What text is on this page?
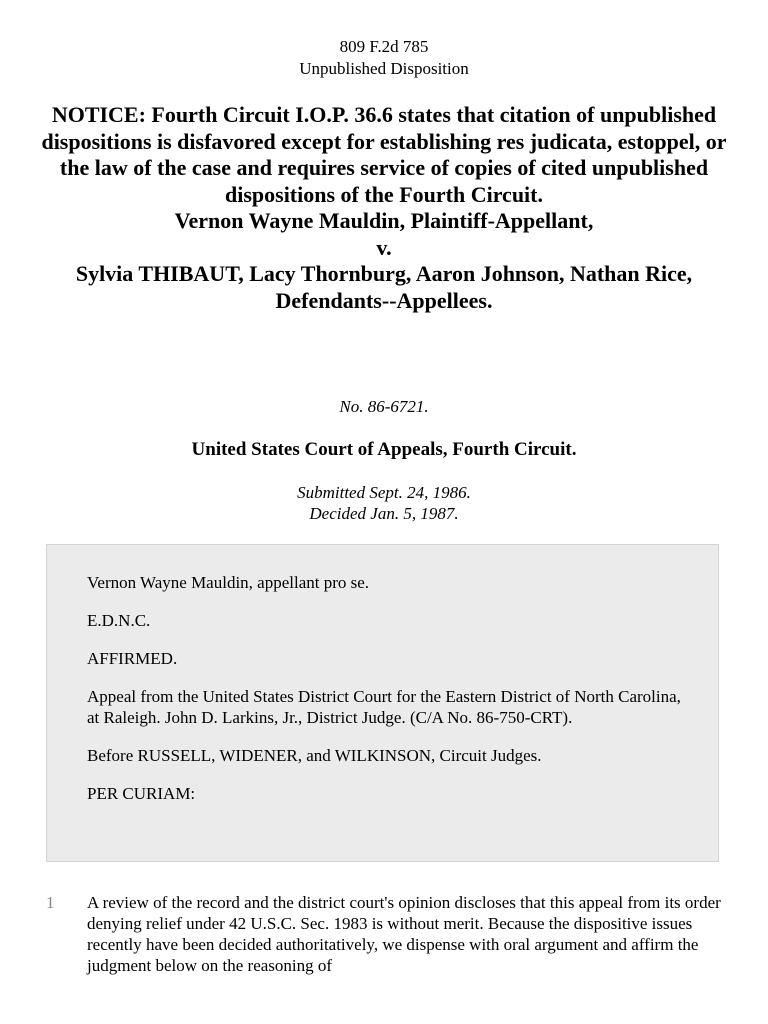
809 F.2d 785
Unpublished Disposition
NOTICE: Fourth Circuit I.O.P. 36.6 states that citation of unpublished dispositions is disfavored except for establishing res judicata, estoppel, or the law of the case and requires service of copies of cited unpublished dispositions of the Fourth Circuit.
Vernon Wayne Mauldin, Plaintiff-Appellant,
v.
Sylvia THIBAUT, Lacy Thornburg, Aaron Johnson, Nathan Rice,
Defendants--Appellees.
No. 86-6721.
United States Court of Appeals, Fourth Circuit.
Submitted Sept. 24, 1986.
Decided Jan. 5, 1987.

Vernon Wayne Mauldin, appellant pro se.

E.D.N.C.

AFFIRMED.

Appeal from the United States District Court for the Eastern District of North Carolina, at Raleigh. John D. Larkins, Jr., District Judge. (C/A No. 86-750-CRT).

Before RUSSELL, WIDENER, and WILKINSON, Circuit Judges.

PER CURIAM:

1 A review of the record and the district court's opinion discloses that this appeal from its order denying relief under 42 U.S.C. Sec. 1983 is without merit. Because the dispositive issues recently have been decided authoritatively, we dispense with oral argument and affirm the judgment below on the reasoning of
